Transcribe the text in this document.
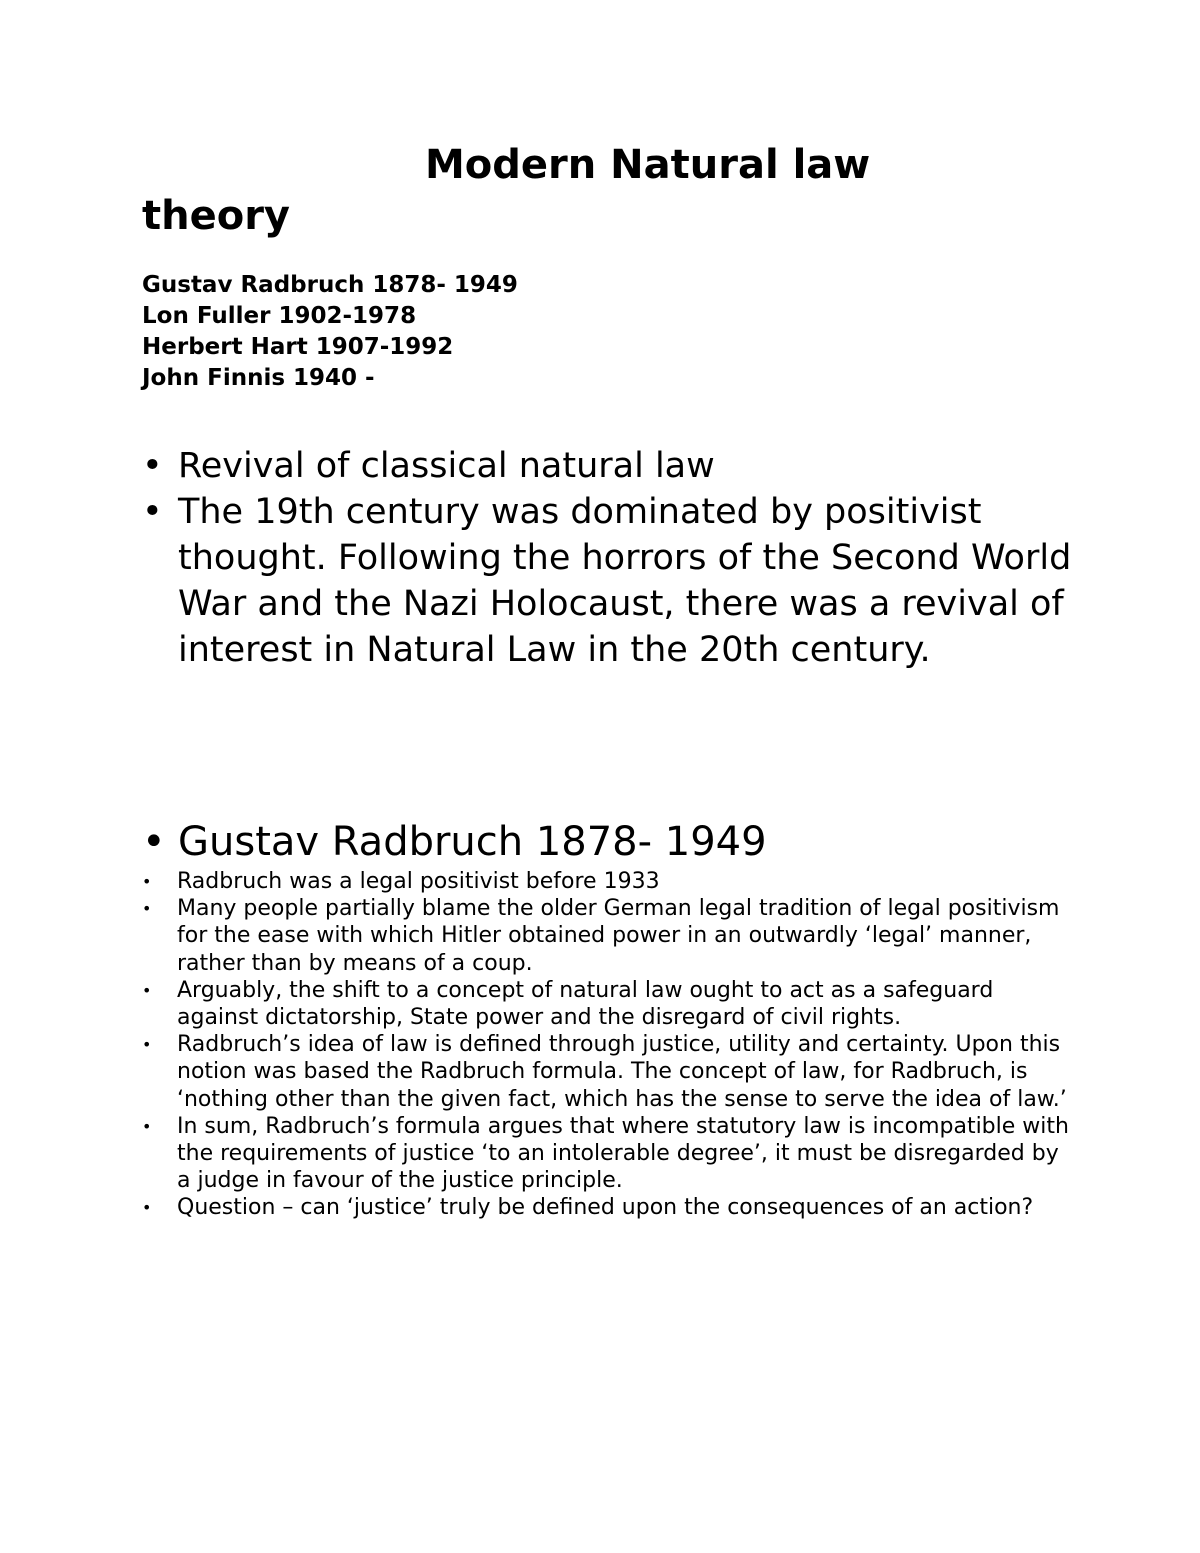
Modern Natural law
theory
Gustav Radbruch 1878- 1949
Lon Fuller 1902-1978
Herbert Hart 1907-1992
John Finnis 1940 -
• Revival of classical natural law
• The 19th century was dominated by positivist thought. Following the horrors of the Second World War and the Nazi Holocaust, there was a revival of interest in Natural Law in the 20th century.
• Gustav Radbruch 1878- 1949
• Radbruch was a legal positivist before 1933
• Many people partially blame the older German legal tradition of legal positivism for the ease with which Hitler obtained power in an outwardly ‘legal’ manner, rather than by means of a coup.
• Arguably, the shift to a concept of natural law ought to act as a safeguard against dictatorship, State power and the disregard of civil rights.
• Radbruch’s idea of law is defined through justice, utility and certainty. Upon this notion was based the Radbruch formula. The concept of law, for Radbruch, is ‘nothing other than the given fact, which has the sense to serve the idea of law.’
• In sum, Radbruch’s formula argues that where statutory law is incompatible with the requirements of justice ‘to an intolerable degree’, it must be disregarded by a judge in favour of the justice principle.
• Question – can ‘justice’ truly be defined upon the consequences of an action?
